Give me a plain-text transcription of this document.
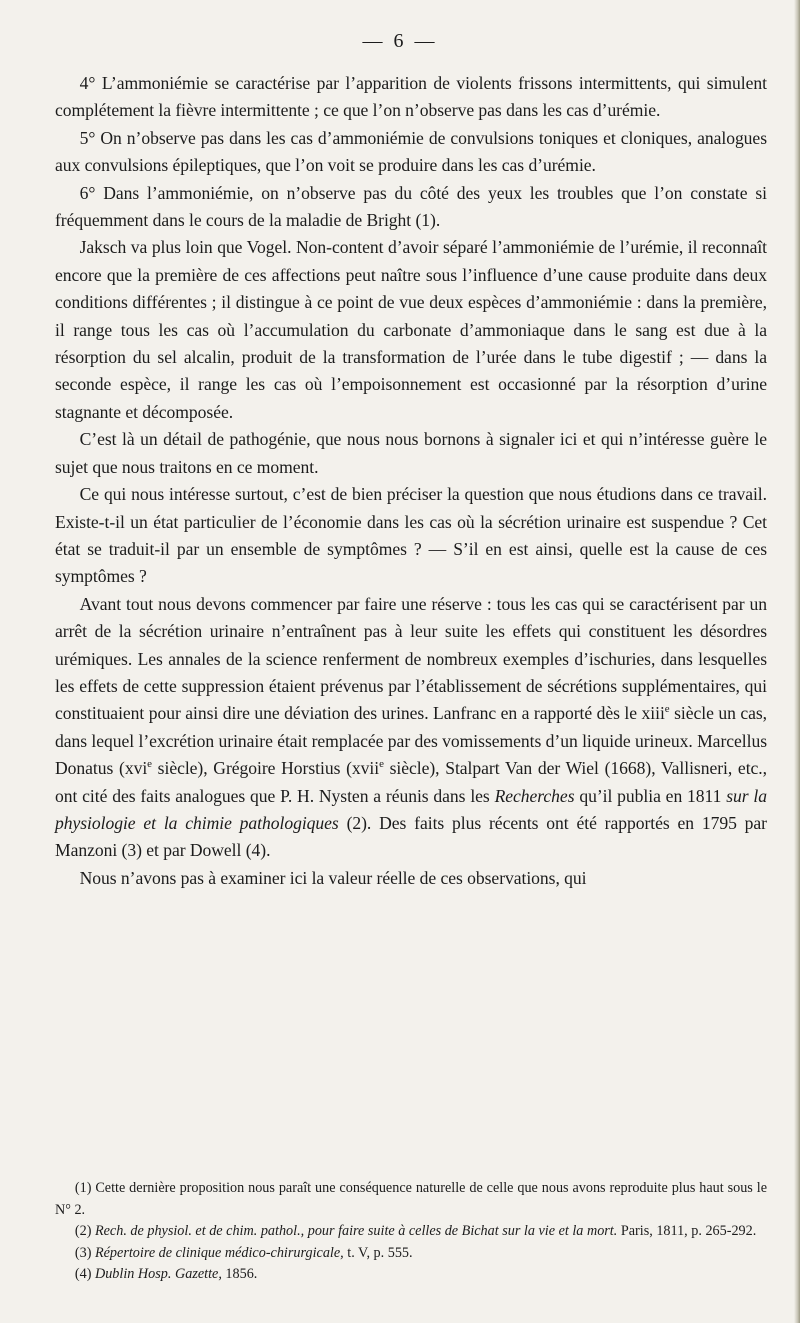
— 6 —

4° L’ammoniémie se caractérise par l’apparition de violents frissons intermittents, qui simulent complétement la fièvre intermittente ; ce que l’on n’observe pas dans les cas d’urémie.

5° On n’observe pas dans les cas d’ammoniémie de convulsions toniques et cloniques, analogues aux convulsions épileptiques, que l’on voit se produire dans les cas d’urémie.

6° Dans l’ammoniémie, on n’observe pas du côté des yeux les troubles que l’on constate si fréquemment dans le cours de la maladie de Bright (1).

Jaksch va plus loin que Vogel. Non-content d’avoir séparé l’ammoniémie de l’urémie, il reconnaît encore que la première de ces affections peut naître sous l’influence d’une cause produite dans deux conditions différentes ; il distingue à ce point de vue deux espèces d’ammoniémie : dans la première, il range tous les cas où l’accumulation du carbonate d’ammoniaque dans le sang est due à la résorption du sel alcalin, produit de la transformation de l’urée dans le tube digestif ; — dans la seconde espèce, il range les cas où l’empoisonnement est occasionné par la résorption d’urine stagnante et décomposée.

C’est là un détail de pathogénie, que nous nous bornons à signaler ici et qui n’intéresse guère le sujet que nous traitons en ce moment.

Ce qui nous intéresse surtout, c’est de bien préciser la question que nous étudions dans ce travail. Existe-t-il un état particulier de l’économie dans les cas où la sécrétion urinaire est suspendue ? Cet état se traduit-il par un ensemble de symptômes ? — S’il en est ainsi, quelle est la cause de ces symptômes ?

Avant tout nous devons commencer par faire une réserve : tous les cas qui se caractérisent par un arrêt de la sécrétion urinaire n’entraînent pas à leur suite les effets qui constituent les désordres urémiques. Les annales de la science renferment de nombreux exemples d’ischuries, dans lesquelles les effets de cette suppression étaient prévenus par l’établissement de sécrétions supplémentaires, qui constituaient pour ainsi dire une déviation des urines. Lanfranc en a rapporté dès le xiii$^e$ siècle un cas, dans lequel l’excrétion urinaire était remplacée par des vomissements d’un liquide urineux. Marcellus Donatus (xvi$^e$ siècle), Grégoire Horstius (xvii$^e$ siècle), Stalpart Van der Wiel (1668), Vallisneri, etc., ont cité des faits analogues que P. H. Nysten a réunis dans les Recherches qu’il publia en 1811 sur la physiologie et la chimie pathologiques (2). Des faits plus récents ont été rapportés en 1795 par Manzoni (3) et par Dowell (4).

Nous n’avons pas à examiner ici la valeur réelle de ces observations, qui

(1) Cette dernière proposition nous paraît une conséquence naturelle de celle que nous avons reproduite plus haut sous le N° 2.

(2) Rech. de physiol. et de chim. pathol., pour faire suite à celles de Bichat sur la vie et la mort. Paris, 1811, p. 265-292.

(3) Répertoire de clinique médico-chirurgicale, t. V, p. 555.

(4) Dublin Hosp. Gazette, 1856.
